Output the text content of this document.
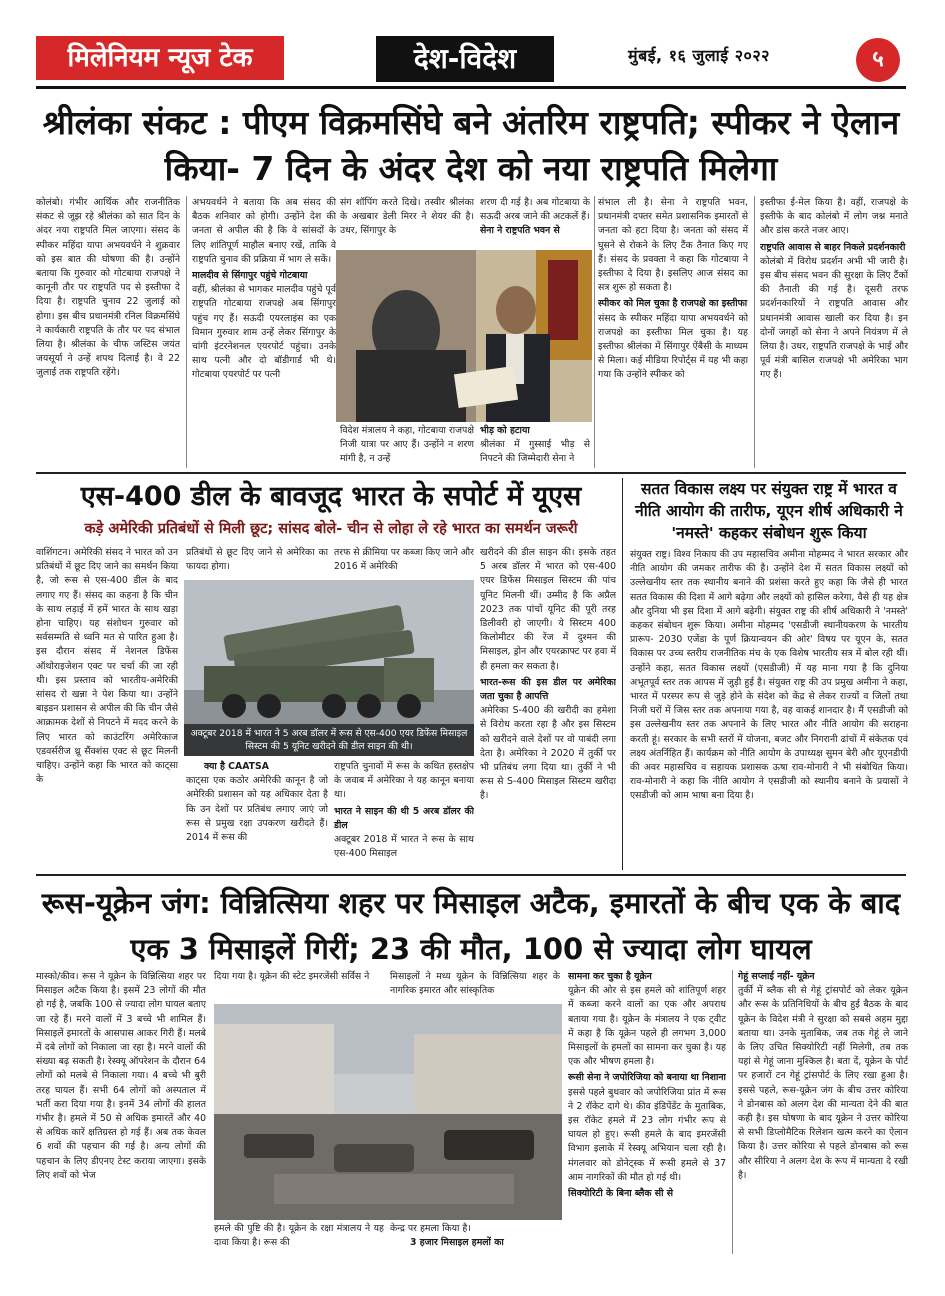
मिलेनियम न्यूज टेक	देश-विदेश	मुंबई, १६ जुलाई २०२२	५
श्रीलंका संकट : पीएम विक्रमसिंघे बने अंतरिम राष्ट्रपति; स्पीकर ने ऐलान किया- 7 दिन के अंदर देश को नया राष्ट्रपति मिलेगा
कोलंबो। गंभीर आर्थिक और राजनीतिक संकट से जूझ रहे श्रीलंका को सात दिन के अंदर नया राष्ट्रपति मिल जाएगा। संसद के स्पीकर महिंदा यापा अभयवर्धने ने शुक्रवार को इस बात की घोषणा की है। उन्होंने बताया कि गुरुवार को गोटबाया राजपक्षे ने कानूनी तौर पर राष्ट्रपति पद से इस्तीफा दे दिया है। राष्ट्रपति चुनाव 22 जुलाई को होगा। इस बीच प्रधानमंत्री रनिल विक्रमसिंघे ने कार्यकारी राष्ट्रपति के तौर पर पद संभाल लिया है। श्रीलंका के चीफ जस्टिस जयंत जयसूर्या ने उन्हें शपथ दिलाई है। वे 22 जुलाई तक राष्ट्रपति रहेंगे।
अभयवर्धने ने बताया कि अब संसद की बैठक शनिवार को होगी। उन्होंने देश की जनता से अपील की है कि वे सांसदों के लिए शांतिपूर्ण माहौल बनाए रखें, ताकि वे राष्ट्रपति चुनाव की प्रक्रिया में भाग ले सकें।
मालदीव से सिंगापुर पहुंचे गोटबाया
वहीं, श्रीलंका से भागकर मालदीव पहुंचे पूर्व राष्ट्रपति गोटबाया राजपक्षे अब सिंगापुर पहुंच गए हैं। सऊदी एयरलाइंस का एक विमान गुरुवार शाम उन्हें लेकर सिंगापुर के चांगी इंटरनेशनल एयरपोर्ट पहुंचा। उनके साथ पत्नी और दो बॉडीगार्ड भी थे। गोटबाया एयरपोर्ट पर पत्नी
संग शॉपिंग करते दिखे। तस्वीर श्रीलंका के अखबार डेली मिरर ने शेयर की है।उधर, सिंगापुर के
शरण दी गई है। अब गोटबाया के सऊदी अरब जाने की अटकलें हैं।
सेना ने राष्ट्रपति भवन से
विदेश मंत्रालय ने कहा, गोटबाया राजपक्षे निजी यात्रा पर आए हैं। उन्होंने न शरण मांगी है, न उन्हें
भीड़ को हटाया
श्रीलंका में गुस्साई भीड़ से निपटने की जिम्मेदारी सेना ने
संभाल ली है। सेना ने राष्ट्रपति भवन, प्रधानमंत्री दफ्तर समेत प्रशासनिक इमारतों से जनता को हटा दिया है। जनता को संसद में घुसने से रोकने के लिए टैंक तैनात किए गए हैं। संसद के प्रवक्ता ने कहा कि गोटबाया ने इस्तीफा दे दिया है। इसलिए आज संसद का सत्र शुरू हो सकता है।
स्पीकर को मिल चुका है राजपक्षे का इस्तीफा
संसद के स्पीकर महिंदा यापा अभयवर्धने को राजपक्षे का इस्तीफा मिल चुका है। यह इस्तीफा श्रीलंका में सिंगापुर ऐंबैसी के माध्यम से मिला। कई मीडिया रिपोर्ट्स में यह भी कहा गया कि उन्होंने स्पीकर को
इस्तीफा ई-मेल किया है। वहीं, राजपक्षे के इस्तीफे के बाद कोलंबो में लोग जश्न मनाते और डांस करते नजर आए।
राष्ट्रपति आवास से बाहर निकले प्रदर्शनकारी
कोलंबो में विरोध प्रदर्शन अभी भी जारी है। इस बीच संसद भवन की सुरक्षा के लिए टैंकों की तैनाती की गई है। दूसरी तरफ प्रदर्शनकारियों ने राष्ट्रपति आवास और प्रधानमंत्री आवास खाली कर दिया है। इन दोनों जगहों को सेना ने अपने नियंत्रण में ले लिया है। उधर, राष्ट्रपति राजपक्षे के भाई और पूर्व मंत्री बासिल राजपक्षे भी अमेरिका भाग गए हैं।
एस-400 डील के बावजूद भारत के सपोर्ट में यूएस
कड़े अमेरिकी प्रतिबंधों से मिली छूट; सांसद बोले- चीन से लोहा ले रहे भारत का समर्थन जरूरी
वाशिंगटन। अमेरिकी संसद ने भारत को उन प्रतिबंधों में छूट दिए जाने का समर्थन किया है, जो रूस से एस-400 डील के बाद लगाए गए हैं। संसद का कहना है कि चीन के साथ लड़ाई में हमें भारत के साथ खड़ा होना चाहिए। यह संशोधन गुरुवार को सर्वसम्मति से ध्वनि मत से पारित हुआ है। इस दौरान संसद में नेशनल डिफेंस ऑथोराइजेशन एक्ट पर चर्चा की जा रही थी। इस प्रस्ताव को भारतीय-अमेरिकी सांसद रो खन्ना ने पेश किया था। उन्होंने बाइडन प्रशासन से अपील की कि चीन जैसे आक्रामक देशों से निपटने में मदद करने के लिए भारत को काउंटरिंग अमेरिकाज एडवर्सरीज थ्रू सैंक्शंस एक्ट से छूट मिलनी चाहिए। उन्होंने कहा कि भारत को काट्सा के
प्रतिबंधों से छूट दिए जाने से अमेरिका का फायदा होगा।
तरफ से क्रीमिया पर कब्जा किए जाने और 2016 में अमेरिकी
अक्टूबर 2018 में भारत ने 5 अरब डॉलर में रूस से एस-400 एयर डिफेंस मिसाइल सिस्टम की 5 यूनिट खरीदने की डील साइन की थी।
क्या है CAATSA
काट्सा एक कठोर अमेरिकी कानून है जो अमेरिकी प्रशासन को यह अधिकार देता है कि उन देशों पर प्रतिबंध लगाए जाएं जो रूस से प्रमुख रक्षा उपकरण खरीदते हैं। 2014 में रूस की
राष्ट्रपति चुनावों में रूस के कथित हस्तक्षेप के जवाब में अमेरिका ने यह कानून बनाया था।
भारत ने साइन की थी 5 अरब डॉलर की डील
अक्टूबर 2018 में भारत ने रूस के साथ एस-400 मिसाइल
खरीदने की डील साइन की। इसके तहत 5 अरब डॉलर में भारत को एस-400 एयर डिफेंस मिसाइल सिस्टम की पांच यूनिट मिलनी थीं। उम्मीद है कि अप्रैल 2023 तक पांचों यूनिट की पूरी तरह डिलीवरी हो जाएगी। ये सिस्टम 400 किलोमीटर की रेंज में दुश्मन की मिसाइल, ड्रोन और एयरक्राफ्ट पर हवा में ही हमला कर सकता है।
भारत-रूस की इस डील पर अमेरिका जता चुका है आपत्ति
अमेरिका S-400 की खरीदी का हमेशा से विरोध करता रहा है और इस सिस्टम को खरीदने वाले देशों पर वो पाबंदी लगा देता है। अमेरिका ने 2020 में तुर्की पर भी प्रतिबंध लगा दिया था। तुर्की ने भी रूस से S-400 मिसाइल सिस्टम खरीदा है।
सतत विकास लक्ष्य पर संयुक्त राष्ट्र में भारत व नीति आयोग की तारीफ, यूएन शीर्ष अधिकारी ने 'नमस्ते' कहकर संबोधन शुरू किया
संयुक्त राष्ट्र। विश्व निकाय की उप महासचिव अमीना मोहम्मद ने भारत सरकार और नीति आयोग की जमकर तारीफ की है। उन्होंने देश में सतत विकास लक्ष्यों को उल्लेखनीय स्तर तक स्थानीय बनाने की प्रशंसा करते हुए कहा कि जैसे ही भारत सतत विकास की दिशा में आगे बढ़ेगा और लक्ष्यों को हासिल करेगा, वैसे ही यह क्षेत्र और दुनिया भी इस दिशा में आगे बढ़ेगी। संयुक्त राष्ट्र की शीर्ष अधिकारी ने 'नमस्ते' कहकर संबोधन शुरू किया। अमीना मोहम्मद 'एसडीजी स्थानीयकरण के भारतीय प्रारूप- 2030 एजेंडा के पूर्ण क्रियान्वयन की ओर' विषय पर यूएन के, सतत विकास पर उच्च स्तरीय राजनीतिक मंच के एक विशेष भारतीय सत्र में बोल रही थीं। उन्होंने कहा, सतत विकास लक्ष्यों (एसडीजी) में यह माना गया है कि दुनिया अभूतपूर्व स्तर तक आपस में जुड़ी हुई है। संयुक्त राष्ट्र की उप प्रमुख अमीना ने कहा, भारत में परस्पर रूप से जुड़े होने के संदेश को केंद्र से लेकर राज्यों व जिलों तथा निजी घरों में जिस स्तर तक अपनाया गया है, वह वाकई शानदार है। मैं एसडीजी को इस उल्लेखनीय स्तर तक अपनाने के लिए भारत और नीति आयोग की सराहना करती हूं। सरकार के सभी स्तरों में योजना, बजट और निगरानी ढांचों में संकेतक एवं लक्ष्य अंतर्निहित हैं। कार्यक्रम को नीति आयोग के उपाध्यक्ष सुमन बेरी और यूएनडीपी की अवर महासचिव व सहायक प्रशासक ऊषा राव-मोनारी ने भी संबोधित किया। राव-मोनारी ने कहा कि नीति आयोग ने एसडीजी को स्थानीय बनाने के प्रयासों ने एसडीजी को आम भाषा बना दिया है।
रूस-यूक्रेन जंग: विन्नित्सिया शहर पर मिसाइल अटैक, इमारतों के बीच एक के बाद एक 3 मिसाइलें गिरीं; 23 की मौत, 100 से ज्यादा लोग घायल
मास्को/कीव। रूस ने यूक्रेन के विन्नित्सिया शहर पर मिसाइल अटैक किया है। इसमें 23 लोगों की मौत हो गई है, जबकि 100 से ज्यादा लोग घायल बताए जा रहे हैं। मरने वालों में 3 बच्चे भी शामिल हैं। मिसाइलें इमारतों के आसपास आकर गिरी हैं। मलबे में दबे लोगों को निकाला जा रहा है। मरने वालों की संख्या बढ़ सकती है। रेस्क्यू ऑपरेशन के दौरान 64 लोगों को मलबे से निकाला गया। 4 बच्चे भी बुरी तरह घायल हैं। सभी 64 लोगों को अस्पताल में भर्ती करा दिया गया है। इनमें 34 लोगों की हालत गंभीर है। हमले में 50 से अधिक इमारतें और 40 से अधिक कारें क्षतिग्रस्त हो गई हैं। अब तक केवल 6 शवों की पहचान की गई है। अन्य लोगों की पहचान के लिए डीएनए टेस्ट कराया जाएगा। इसके लिए शवों को भेज
दिया गया है। यूक्रेन की स्टेट इमरजेंसी सर्विस ने	मिसाइलों ने मध्य यूक्रेन के विन्नित्सिया शहर के नागरिक इमारत और सांस्कृतिक
हमले की पुष्टि की है। यूक्रेन के रक्षा मंत्रालय ने यह दावा किया है। रूस की
केन्द्र पर हमला किया है।
3 हजार मिसाइल हमलों का
सामना कर चुका है यूक्रेन
यूक्रेन की ओर से इस हमले को शांतिपूर्ण शहर में कब्जा करने वालों का एक और अपराध बताया गया है। यूक्रेन के मंत्रालय ने एक ट्वीट में कहा है कि यूक्रेन पहले ही लगभग 3,000 मिसाइलों के हमलों का सामना कर चुका है। यह एक और भीषण हमला है।
रूसी सेना ने जपोरिजिया को बनाया था निशाना
इससे पहले बुधवार को जपोरिजिया प्रांत में रूस ने 2 रॉकेट दागे थे। कीव इंडिपेंडेंट के मुताबिक, इस रॉकेट हमले में 23 लोग गंभीर रूप से घायल हो हुए। रूसी हमले के बाद इमरजेंसी विभाग इलाके में रेस्क्यू अभियान चला रही है। मंगलवार को डोनेट्स्क में रूसी हमले से 37 आम नागरिकों की मौत हो गई थी।
सिक्योरिटी के बिना ब्लैक सी से
गेहूं सप्लाई नहीं- यूक्रेन
तुर्की में ब्लैक सी से गेहूं ट्रांसपोर्ट को लेकर यूक्रेन और रूस के प्रतिनिधियों के बीच हुई बैठक के बाद यूक्रेन के विदेश मंत्री ने सुरक्षा को सबसे अहम मुद्दा बताया था। उनके मुताबिक, जब तक गेहूं ले जाने के लिए उचित सिक्योरिटी नहीं मिलेगी, तब तक यहां से गेहूं जाना मुश्किल है। बता दें, यूक्रेन के पोर्ट पर हजारों टन गेहूं ट्रांसपोर्ट के लिए रखा हुआ है। इससे पहले, रूस-यूक्रेन जंग के बीच उत्तर कोरिया ने डोनबास को अलग देश की मान्यता देने की बात कही है। इस घोषणा के बाद यूक्रेन ने उत्तर कोरिया से सभी डिप्लोमैटिक रिलेशन खत्म करने का ऐलान किया है। उत्तर कोरिया से पहले डोनबास को रूस और सीरिया ने अलग देश के रूप में मान्यता दे रखी है।
